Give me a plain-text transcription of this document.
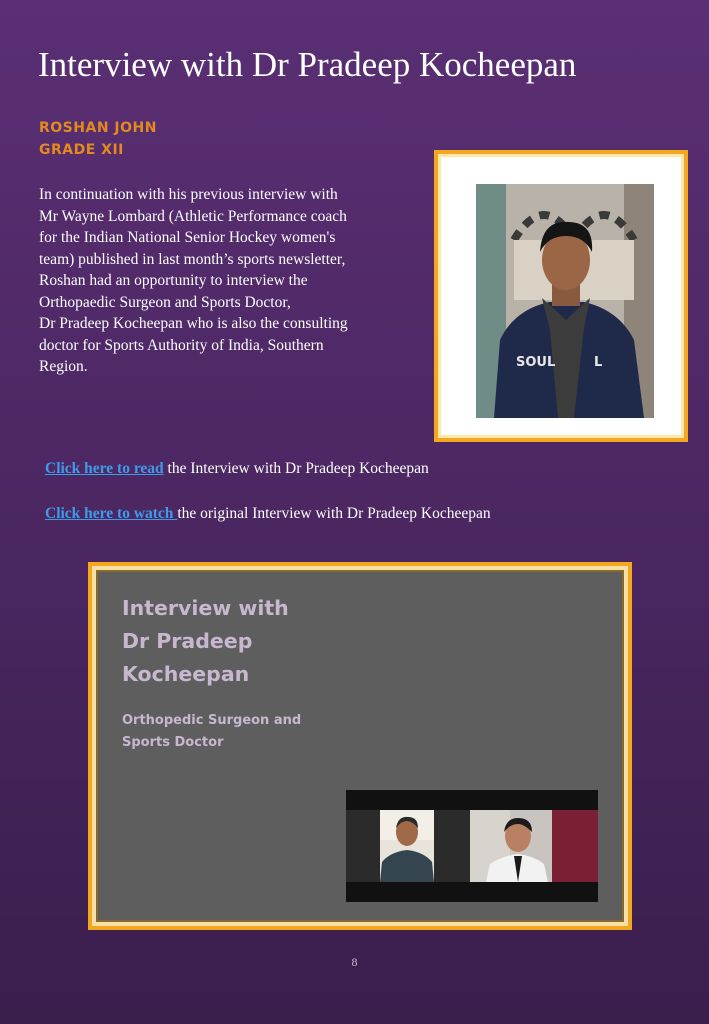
Interview with Dr Pradeep Kocheepan
ROSHAN JOHN
GRADE XII
In continuation with his previous interview with
Mr Wayne Lombard (Athletic Performance coach
for the Indian National Senior Hockey women's
team) published in last month’s sports newsletter,
Roshan had an opportunity to interview the
Orthopaedic Surgeon and Sports Doctor,
Dr Pradeep Kocheepan who is also the consulting
doctor for Sports Authority of India, Southern
Region.	SOUL	L

Click here to read the Interview with Dr Pradeep Kocheepan

Click here to watch the original Interview with Dr Pradeep Kocheepan

Interview with
Dr Pradeep
Kocheepan
Orthopedic Surgeon and
Sports Doctor
8
